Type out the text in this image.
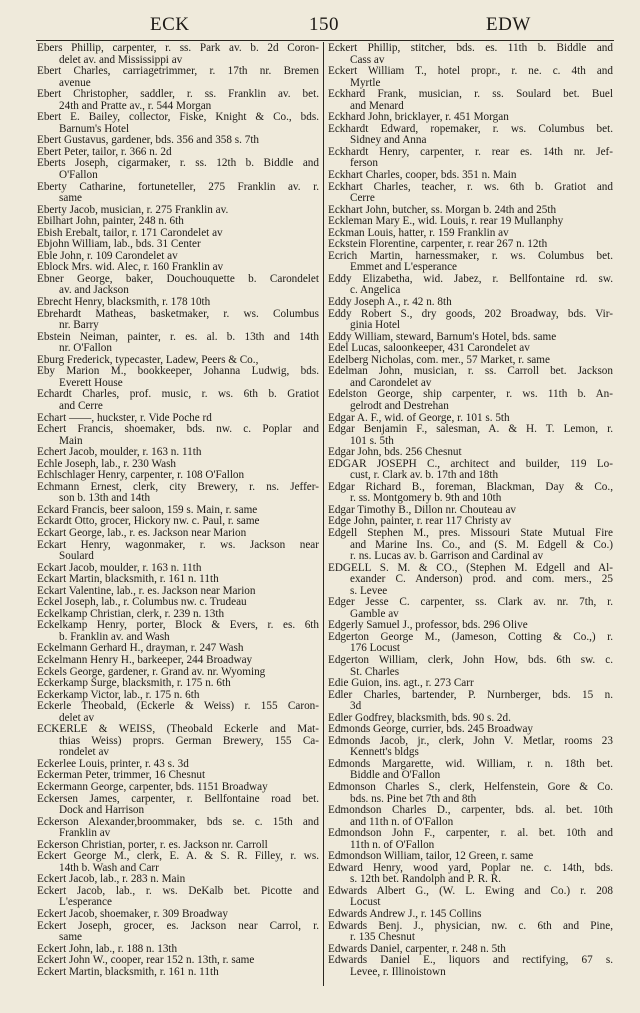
ECK	150	EDW
Ebers Phillip, carpenter, r. ss. Park av. b. 2d Coron-
delet av. and Mississippi av
Ebert Charles, carriagetrimmer, r. 17th nr. Bremen
avenue
Ebert Christopher, saddler, r. ss. Franklin av. bet.
24th and Pratte av., r. 544 Morgan
Ebert E. Bailey, collector, Fiske, Knight & Co., bds.
Barnum's Hotel
Ebert Gustavus, gardener, bds. 356 and 358 s. 7th
Ebert Peter, tailor, r. 366 n. 2d
Eberts Joseph, cigarmaker, r. ss. 12th b. Biddle and
O'Fallon
Eberty Catharine, fortuneteller, 275 Franklin av. r.
same
Eberty Jacob, musician, r. 275 Franklin av.
Ebilhart John, painter, 248 n. 6th
Ebish Erebalt, tailor, r. 171 Carondelet av
Ebjohn William, lab., bds. 31 Center
Eble John, r. 109 Carondelet av
Eblock Mrs. wid. Alec, r. 160 Franklin av
Ebner George, baker, Douchouquette b. Carondelet
av. and Jackson
Ebrecht Henry, blacksmith, r. 178 10th
Ebrehardt Matheas, basketmaker, r. ws. Columbus
nr. Barry
Ebstein Neiman, painter, r. es. al. b. 13th and 14th
nr. O'Fallon
Eburg Frederick, typecaster, Ladew, Peers & Co.,
Eby Marion M., bookkeeper, Johanna Ludwig, bds.
Everett House
Echardt Charles, prof. music, r. ws. 6th b. Gratiot
and Cerre
Echart ——, huckster, r. Vide Poche rd
Echert Francis, shoemaker, bds. nw. c. Poplar and
Main
Echert Jacob, moulder, r. 163 n. 11th
Echle Joseph, lab., r. 230 Wash
Echlschlager Henry, carpenter, r. 108 O'Fallon
Echmann Ernest, clerk, city Brewery, r. ns. Jeffer-
son b. 13th and 14th
Eckard Francis, beer saloon, 159 s. Main, r. same
Eckardt Otto, grocer, Hickory nw. c. Paul, r. same
Eckart George, lab., r. es. Jackson near Marion
Eckart Henry, wagonmaker, r. ws. Jackson near
Soulard
Eckart Jacob, moulder, r. 163 n. 11th
Eckart Martin, blacksmith, r. 161 n. 11th
Eckart Valentine, lab., r. es. Jackson near Marion
Eckel Joseph, lab., r. Columbus nw. c. Trudeau
Eckelkamp Christian, clerk, r. 239 n. 13th
Eckelkamp Henry, porter, Block & Evers, r. es. 6th
b. Franklin av. and Wash
Eckelmann Gerhard H., drayman, r. 247 Wash
Eckelmann Henry H., barkeeper, 244 Broadway
Eckels George, gardener, r. Grand av. nr. Wyoming
Eckerkamp Surge, blacksmith, r. 175 n. 6th
Eckerkamp Victor, lab., r. 175 n. 6th
Eckerle Theobald, (Eckerle & Weiss) r. 155 Caron-
delet av
ECKERLE & WEISS, (Theobald Eckerle and Mat-
thias Weiss) proprs. German Brewery, 155 Ca-
rondelet av
Eckerlee Louis, printer, r. 43 s. 3d
Eckerman Peter, trimmer, 16 Chesnut
Eckermann George, carpenter, bds. 1151 Broadway
Eckersen James, carpenter, r. Bellfontaine road bet.
Dock and Harrison
Eckerson Alexander,broommaker, bds se. c. 15th and
Franklin av
Eckerson Christian, porter, r. es. Jackson nr. Carroll
Eckert George M., clerk, E. A. & S. R. Filley, r. ws.
14th b. Wash and Carr
Eckert Jacob, lab., r. 283 n. Main
Eckert Jacob, lab., r. ws. DeKalb bet. Picotte and
L'esperance
Eckert Jacob, shoemaker, r. 309 Broadway
Eckert Joseph, grocer, es. Jackson near Carrol, r.
same
Eckert John, lab., r. 188 n. 13th
Eckert John W., cooper, rear 152 n. 13th, r. same
Eckert Martin, blacksmith, r. 161 n. 11th
Eckert Phillip, stitcher, bds. es. 11th b. Biddle and
Cass av
Eckert William T., hotel propr., r. ne. c. 4th and
Myrtle
Eckhard Frank, musician, r. ss. Soulard bet. Buel
and Menard
Eckhard John, bricklayer, r. 451 Morgan
Eckhardt Edward, ropemaker, r. ws. Columbus bet.
Sidney and Anna
Eckhardt Henry, carpenter, r. rear es. 14th nr. Jef-
ferson
Eckhart Charles, cooper, bds. 351 n. Main
Eckhart Charles, teacher, r. ws. 6th b. Gratiot and
Cerre
Eckhart John, butcher, ss. Morgan b. 24th and 25th
Eckleman Mary E., wid. Louis, r. rear 19 Mullanphy
Eckman Louis, hatter, r. 159 Franklin av
Eckstein Florentine, carpenter, r. rear 267 n. 12th
Ecrich Martin, harnessmaker, r. ws. Columbus bet.
Emmet and L'esperance
Eddy Elizabetha, wid. Jabez, r. Bellfontaine rd. sw.
c. Angelica
Eddy Joseph A., r. 42 n. 8th
Eddy Robert S., dry goods, 202 Broadway, bds. Vir-
ginia Hotel
Eddy William, steward, Barnum's Hotel, bds. same
Edel Lucas, saloonkeeper, 431 Carondelet av
Edelberg Nicholas, com. mer., 57 Market, r. same
Edelman John, musician, r. ss. Carroll bet. Jackson
and Carondelet av
Edelston George, ship carpenter, r. ws. 11th b. An-
gelrodt and Destrehan
Edgar A. F., wid. of George, r. 101 s. 5th
Edgar Benjamin F., salesman, A. & H. T. Lemon, r.
101 s. 5th
Edgar John, bds. 256 Chesnut
EDGAR JOSEPH C., architect and builder, 119 Lo-
cust, r. Clark av. b. 17th and 18th
Edgar Richard B., foreman, Blackman, Day & Co.,
r. ss. Montgomery b. 9th and 10th
Edgar Timothy B., Dillon nr. Chouteau av
Edge John, painter, r. rear 117 Christy av
Edgell Stephen M., pres. Missouri State Mutual Fire
and Marine Ins. Co., and (S. M. Edgell & Co.)
r. ns. Lucas av. b. Garrison and Cardinal av
EDGELL S. M. & CO., (Stephen M. Edgell and Al-
exander C. Anderson) prod. and com. mers., 25
s. Levee
Edger Jesse C. carpenter, ss. Clark av. nr. 7th, r.
Gamble av
Edgerly Samuel J., professor, bds. 296 Olive
Edgerton George M., (Jameson, Cotting & Co.,) r.
176 Locust
Edgerton William, clerk, John How, bds. 6th sw. c.
St. Charles
Edie Guion, ins. agt., r. 273 Carr
Edler Charles, bartender, P. Nurnberger, bds. 15 n.
3d
Edler Godfrey, blacksmith, bds. 90 s. 2d.
Edmonds George, currier, bds. 245 Broadway
Edmonds Jacob, jr., clerk, John V. Metlar, rooms 23
Kennett's bldgs
Edmonds Margarette, wid. William, r. n. 18th bet.
Biddle and O'Fallon
Edmonson Charles S., clerk, Helfenstein, Gore & Co.
bds. ns. Pine bet 7th and 8th
Edmondson Charles D., carpenter, bds. al. bet. 10th
and 11th n. of O'Fallon
Edmondson John F., carpenter, r. al. bet. 10th and
11th n. of O'Fallon
Edmondson William, tailor, 12 Green, r. same
Edward Henry, wood yard, Poplar ne. c. 14th, bds.
s. 12th bet. Randolph and P. R. R.
Edwards Albert G., (W. L. Ewing and Co.) r. 208
Locust
Edwards Andrew J., r. 145 Collins
Edwards Benj. J., physician, nw. c. 6th and Pine,
r. 135 Chesnut
Edwards Daniel, carpenter, r. 248 n. 5th
Edwards Daniel E., liquors and rectifying, 67 s.
Levee, r. Illinoistown
